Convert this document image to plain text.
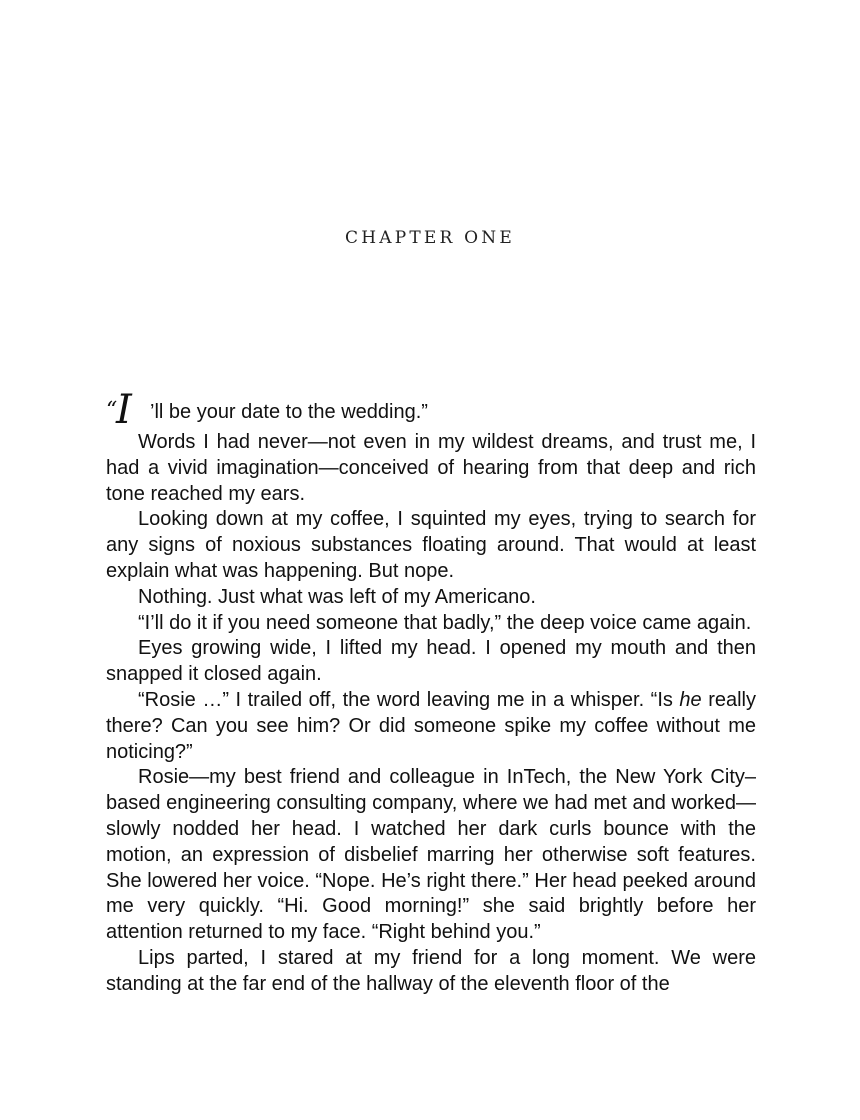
CHAPTER ONE
“
I ’ll be your date to the wedding.”

Words I had never—not even in my wildest dreams, and trust me, I had a vivid imagination—conceived of hearing from that deep and rich tone reached my ears.

Looking down at my coffee, I squinted my eyes, trying to search for any signs of noxious substances floating around. That would at least explain what was happening. But nope.

Nothing. Just what was left of my Americano.

“I’ll do it if you need someone that badly,” the deep voice came again.

Eyes growing wide, I lifted my head. I opened my mouth and then snapped it closed again.

“Rosie …” I trailed off, the word leaving me in a whisper. “Is he really there? Can you see him? Or did someone spike my coffee without me noticing?”

Rosie—my best friend and colleague in InTech, the New York City–based engineering consulting company, where we had met and worked—slowly nodded her head. I watched her dark curls bounce with the motion, an expression of disbelief marring her otherwise soft features. She lowered her voice. “Nope. He’s right there.” Her head peeked around me very quickly. “Hi. Good morning!” she said brightly before her attention returned to my face. “Right behind you.”

Lips parted, I stared at my friend for a long moment. We were standing at the far end of the hallway of the eleventh floor of the
